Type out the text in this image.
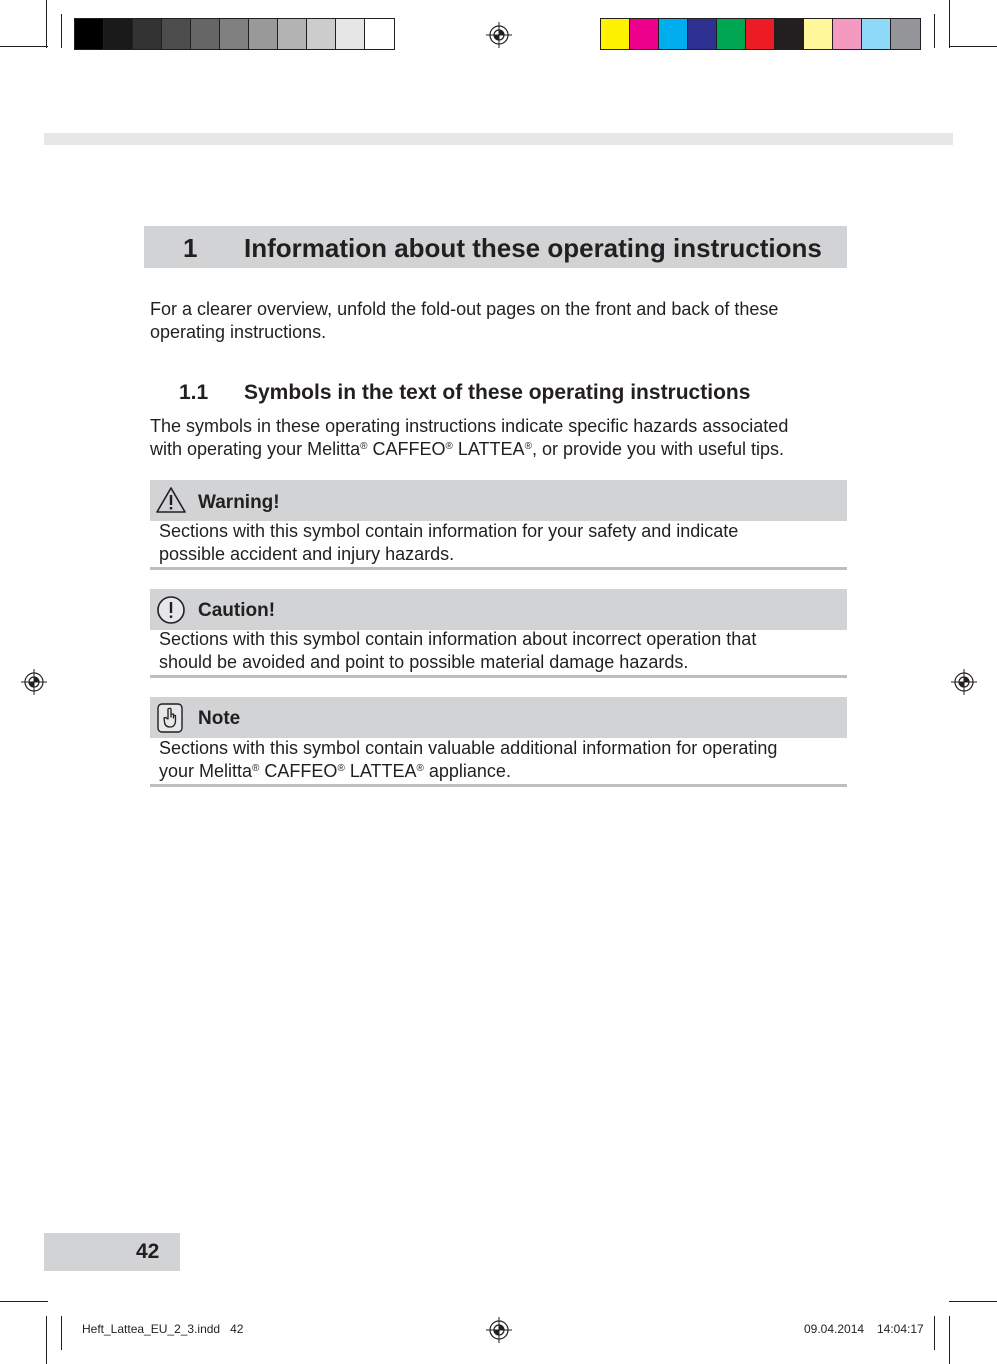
1 Information about these operating instructions
For a clearer overview, unfold the fold-out pages on the front and back of these
operating instructions.
1.1 Symbols in the text of these operating instructions
The symbols in these operating instructions indicate specific hazards associated
with operating your Melitta® CAFFEO® LATTEA®, or provide you with useful tips.
Warning!
Sections with this symbol contain information for your safety and indicate
possible accident and injury hazards.
Caution!
Sections with this symbol contain information about incorrect operation that
should be avoided and point to possible material damage hazards.
Note
Sections with this symbol contain valuable additional information for operating
your Melitta® CAFFEO® LATTEA® appliance.
42
Heft_Lattea_EU_2_3.indd   42	09.04.2014 14:04:17
